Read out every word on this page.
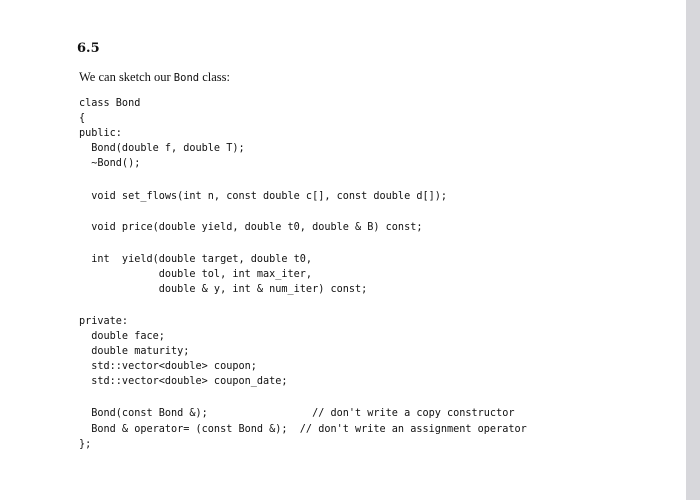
6.5

We can sketch our Bond class:

class Bond
{
public:
Bond(double f, double T);
~Bond();
void set_flows(int n, const double c[], const double d[]);
void price(double yield, double t0, double & B) const;
int  yield(double target, double t0,
double tol, int max_iter,
double & y, int & num_iter) const;
private:
double face;
double maturity;
std::vector<double> coupon;
std::vector<double> coupon_date;
Bond(const Bond &);                 // don't write a copy constructor
Bond & operator= (const Bond &);  // don't write an assignment operator
};
